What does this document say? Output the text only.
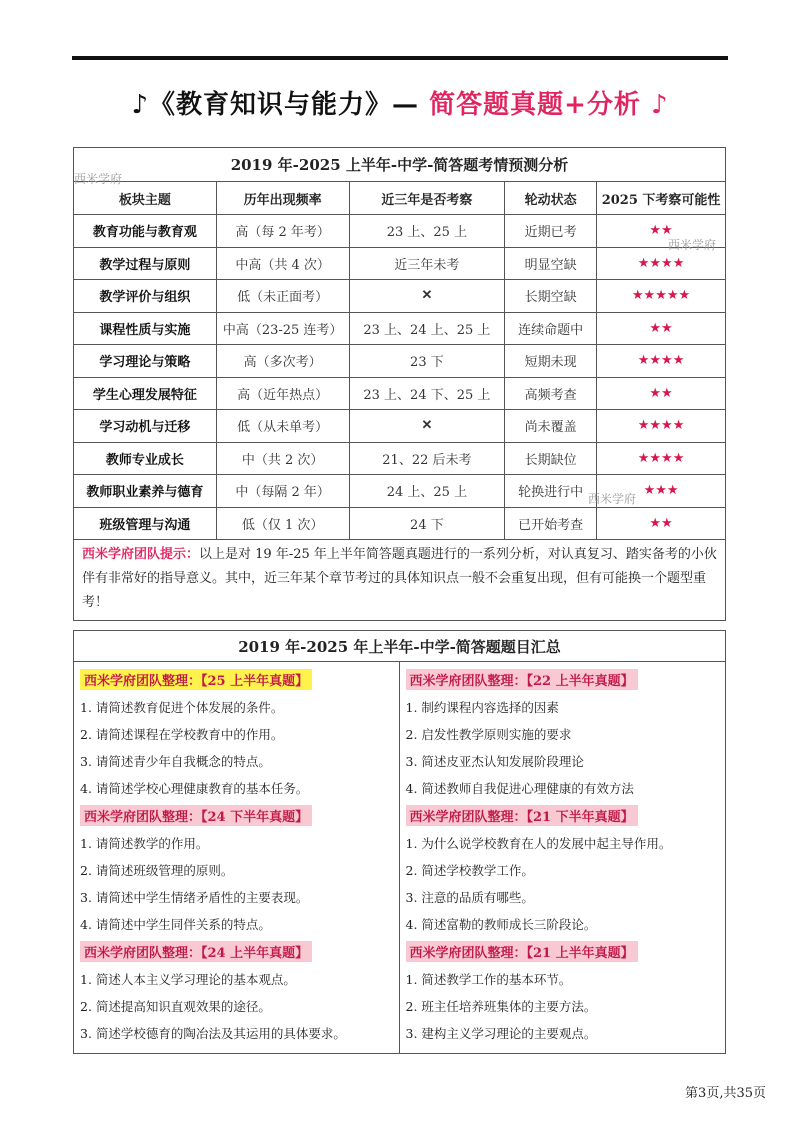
♪《教育知识与能力》— 简答题真题+分析 ♪
2019 年-2025 上半年-中学-简答题考情预测分析				
板块主题	历年出现频率	近三年是否考察	轮动状态	2025 下考察可能性
教育功能与教育观	高（每 2 年考）	23 上、25 上	近期已考	★★
教学过程与原则	中高（共 4 次）	近三年未考	明显空缺	★★★★
教学评价与组织	低（未正面考）	✕	长期空缺	★★★★★
课程性质与实施	中高（23-25 连考）	23 上、24 上、25 上	连续命题中	★★
学习理论与策略	高（多次考）	23 下	短期未现	★★★★
学生心理发展特征	高（近年热点）	23 上、24 下、25 上	高频考查	★★
学习动机与迁移	低（从未单考）	✕	尚未覆盖	★★★★
教师专业成长	中（共 2 次）	21、22 后未考	长期缺位	★★★★
教师职业素养与德育	中（每隔 2 年）	24 上、25 上	轮换进行中	★★★
班级管理与沟通	低（仅 1 次）	24 下	已开始考查	★★
西米学府团队提示：以上是对 19 年-25 年上半年简答题真题进行的一系列分析，对认真复习、踏实备考的小伙伴有非常好的指导意义。其中，近三年某个章节考过的具体知识点一般不会重复出现，但有可能换一个题型重考！				
2019 年-2025 年上半年-中学-简答题题目汇总

西米学府团队整理：【25 上半年真题】
1. 请简述教育促进个体发展的条件。
2. 请简述课程在学校教育中的作用。
3. 请简述青少年自我概念的特点。
4. 请简述学校心理健康教育的基本任务。
西米学府团队整理：【24 下半年真题】
1. 请简述教学的作用。
2. 请简述班级管理的原则。
3. 请简述中学生情绪矛盾性的主要表现。
4. 请简述中学生同伴关系的特点。
西米学府团队整理：【24 上半年真题】
1. 简述人本主义学习理论的基本观点。
2. 简述提高知识直观效果的途径。
3. 简述学校德育的陶冶法及其运用的具体要求。

西米学府团队整理：【22 上半年真题】
1. 制约课程内容选择的因素
2. 启发性教学原则实施的要求
3. 简述皮亚杰认知发展阶段理论
4. 简述教师自我促进心理健康的有效方法
西米学府团队整理：【21 下半年真题】
1. 为什么说学校教育在人的发展中起主导作用。
2. 简述学校教学工作。
3. 注意的品质有哪些。
4. 简述富勒的教师成长三阶段论。
西米学府团队整理：【21 上半年真题】
1. 简述教学工作的基本环节。
2. 班主任培养班集体的主要方法。
3. 建构主义学习理论的主要观点。
西米学府
西米学府
西米学府
第3页,共35页
